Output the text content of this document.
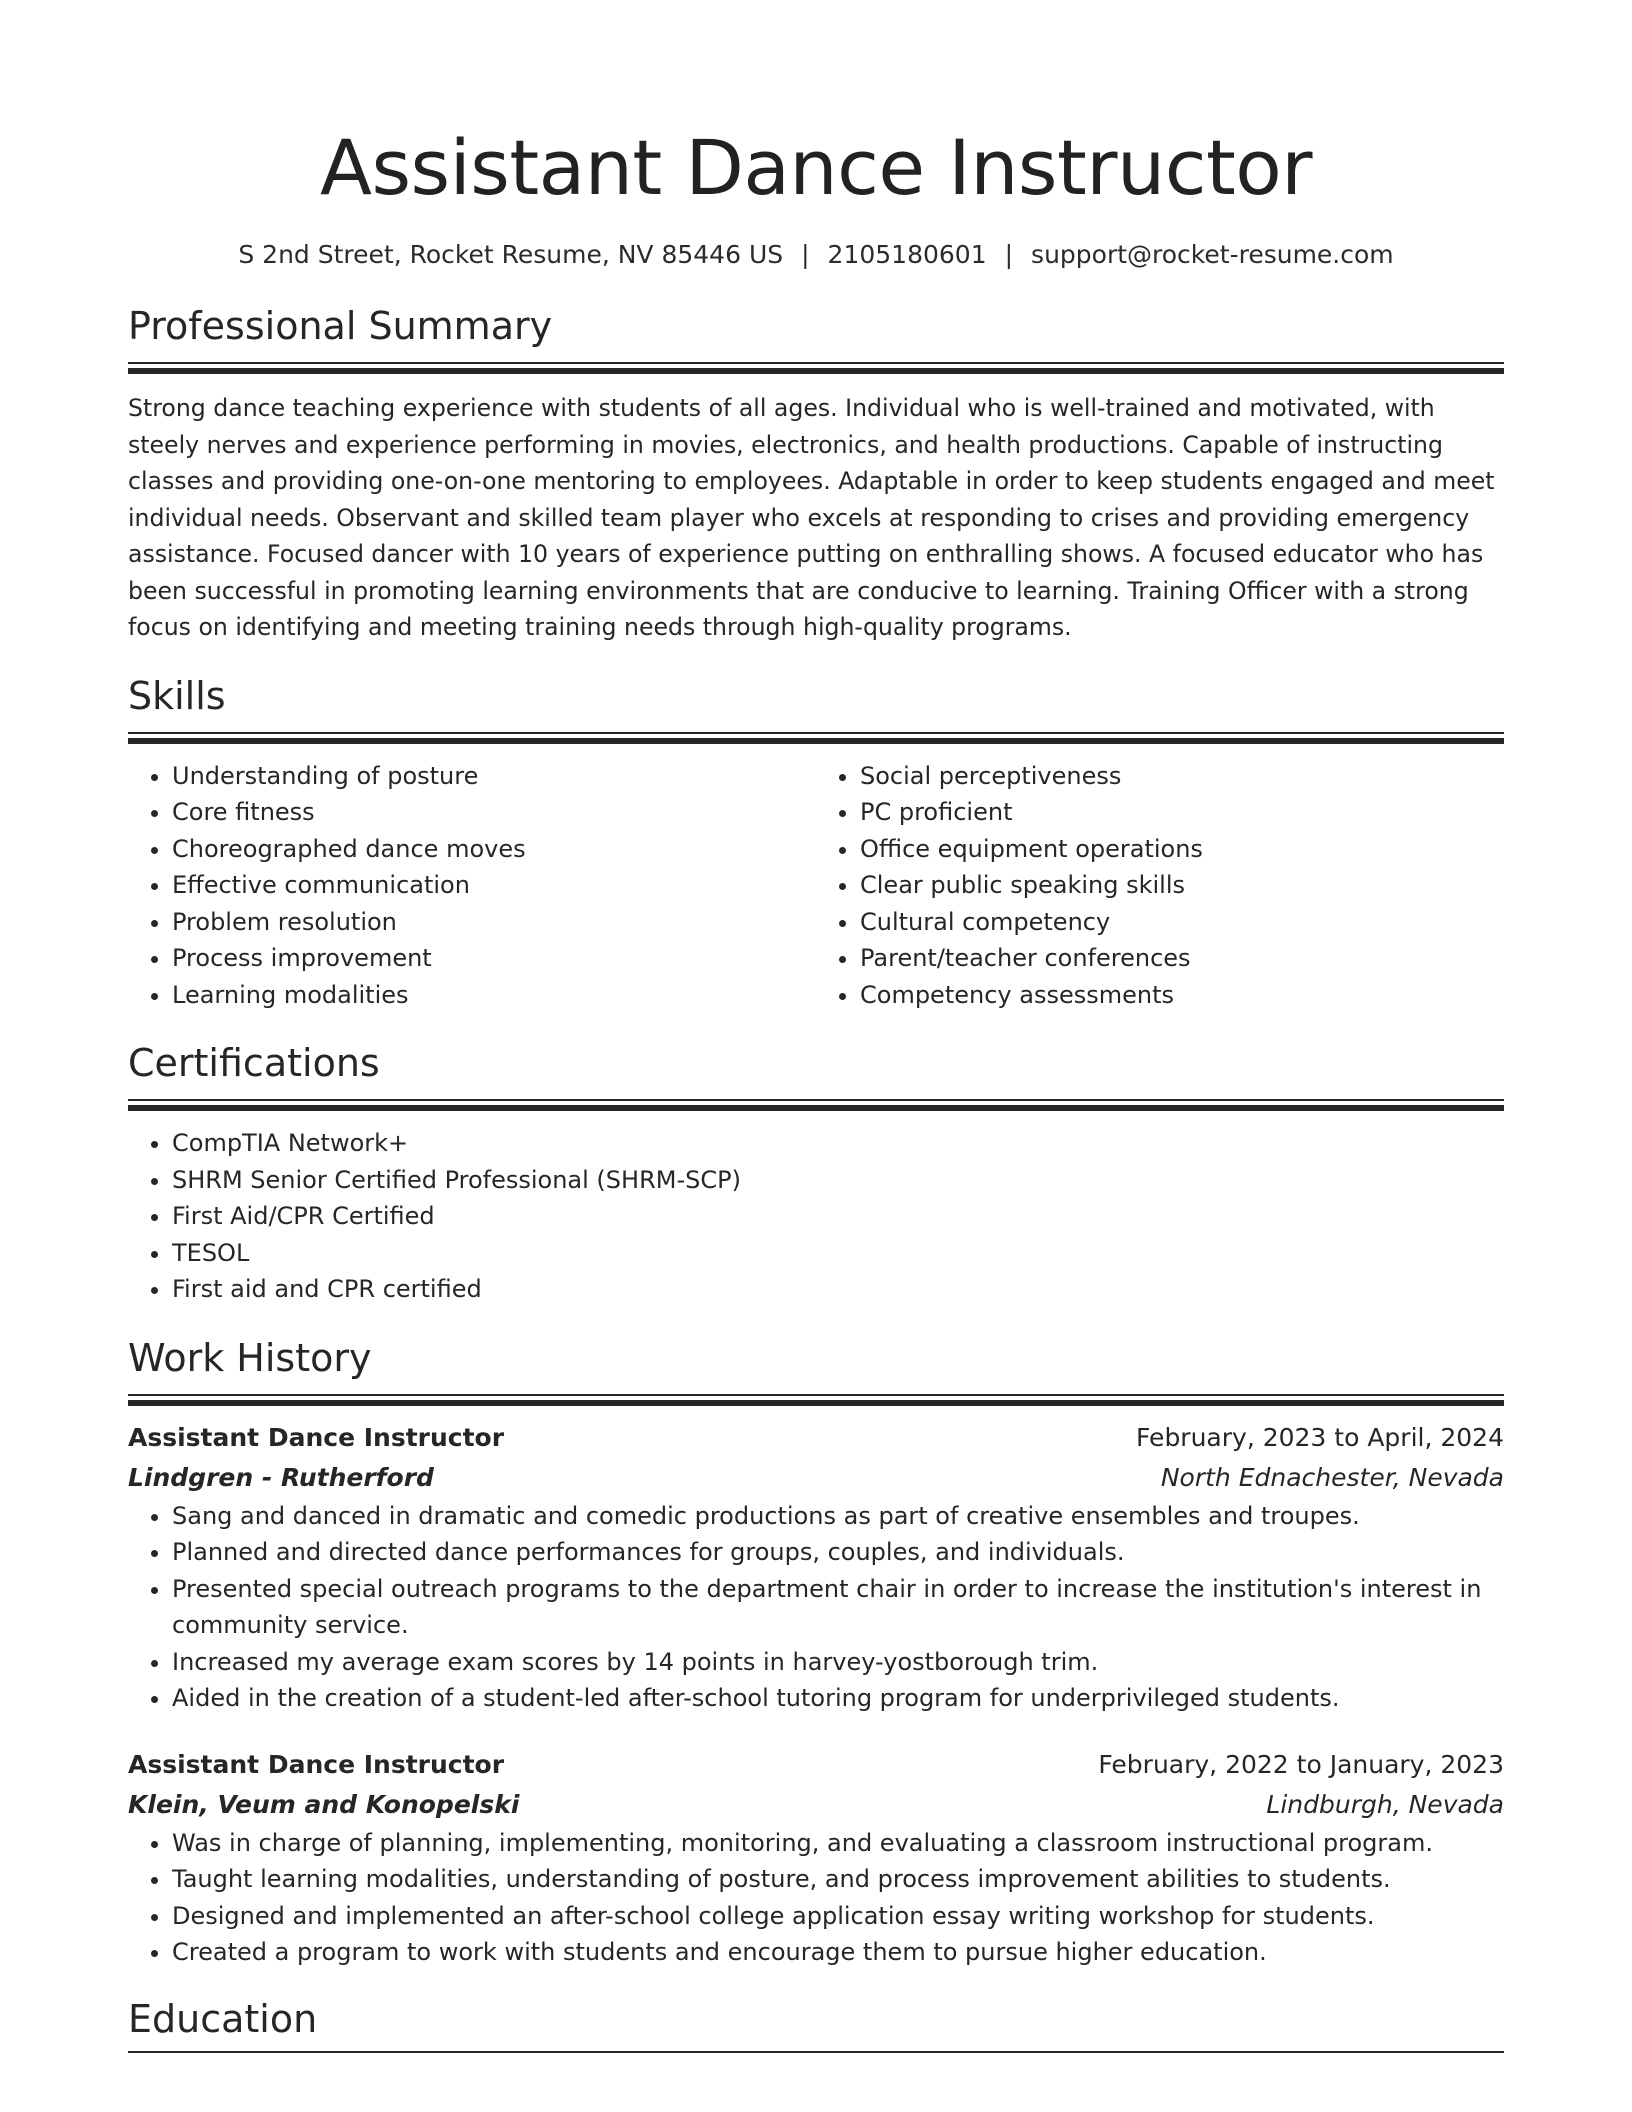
Assistant Dance Instructor
S 2nd Street, Rocket Resume, NV 85446 US | 2105180601 | support@rocket-resume.com
Professional Summary
Strong dance teaching experience with students of all ages. Individual who is well-trained and motivated, with steely nerves and experience performing in movies, electronics, and health productions. Capable of instructing classes and providing one-on-one mentoring to employees. Adaptable in order to keep students engaged and meet individual needs. Observant and skilled team player who excels at responding to crises and providing emergency assistance. Focused dancer with 10 years of experience putting on enthralling shows. A focused educator who has been successful in promoting learning environments that are conducive to learning. Training Officer with a strong focus on identifying and meeting training needs through high-quality programs.
Skills
• Understanding of posture
• Core fitness
• Choreographed dance moves
• Effective communication
• Problem resolution
• Process improvement
• Learning modalities
• Social perceptiveness
• PC proficient
• Office equipment operations
• Clear public speaking skills
• Cultural competency
• Parent/teacher conferences
• Competency assessments
Certifications
• CompTIA Network+
• SHRM Senior Certified Professional (SHRM-SCP)
• First Aid/CPR Certified
• TESOL
• First aid and CPR certified
Work History
Assistant Dance Instructor	February, 2023 to April, 2024
Lindgren - Rutherford	North Ednachester, Nevada
• Sang and danced in dramatic and comedic productions as part of creative ensembles and troupes.
• Planned and directed dance performances for groups, couples, and individuals.
• Presented special outreach programs to the department chair in order to increase the institution's interest in community service.
• Increased my average exam scores by 14 points in harvey-yostborough trim.
• Aided in the creation of a student-led after-school tutoring program for underprivileged students.
Assistant Dance Instructor	February, 2022 to January, 2023
Klein, Veum and Konopelski	Lindburgh, Nevada
• Was in charge of planning, implementing, monitoring, and evaluating a classroom instructional program.
• Taught learning modalities, understanding of posture, and process improvement abilities to students.
• Designed and implemented an after-school college application essay writing workshop for students.
• Created a program to work with students and encourage them to pursue higher education.
Education
